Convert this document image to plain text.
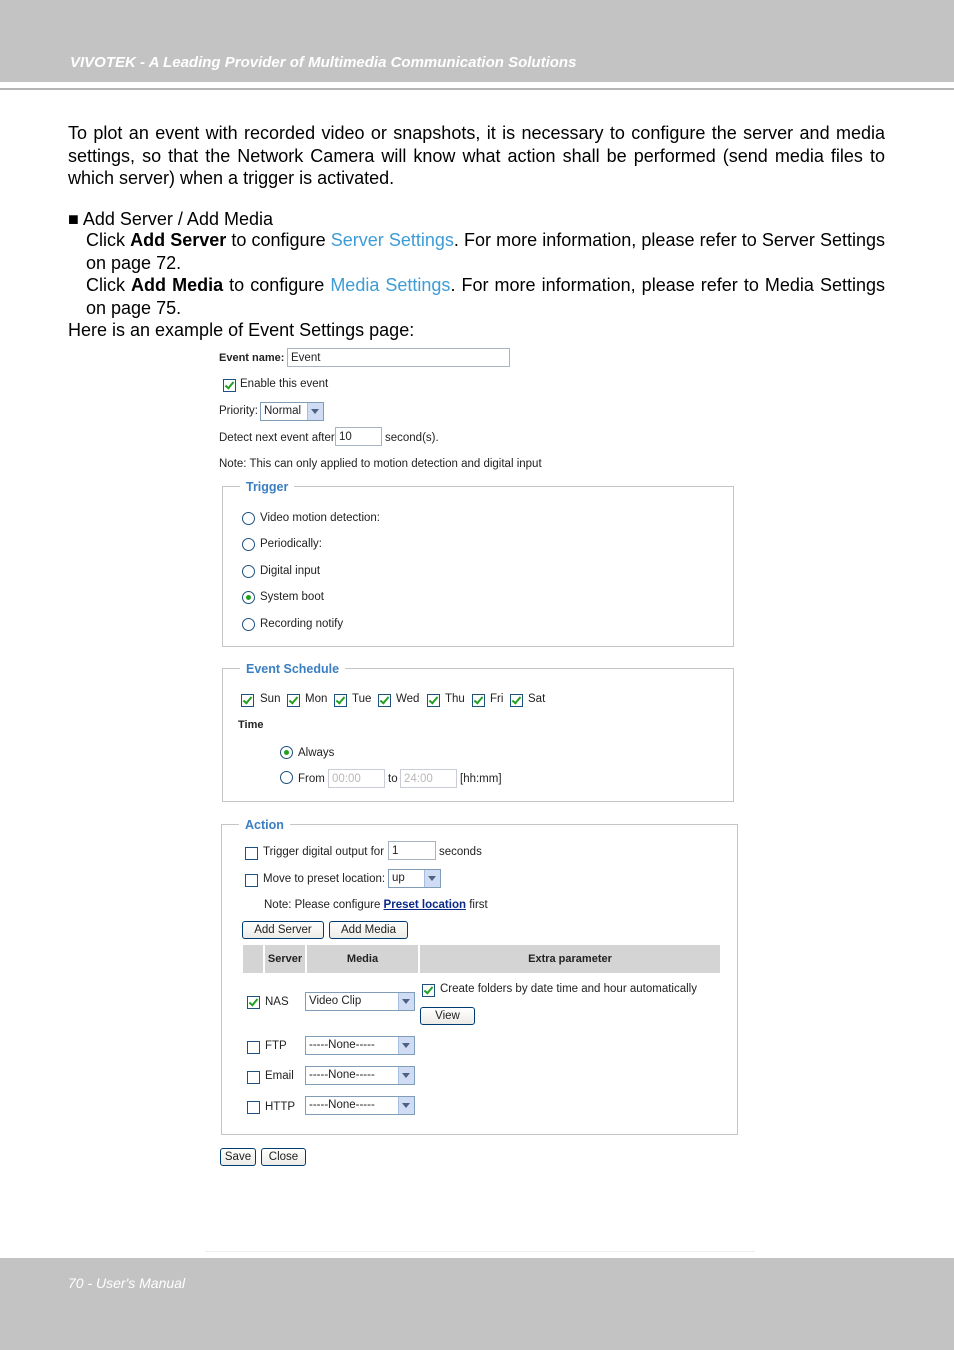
VIVOTEK - A Leading Provider of Multimedia Communication Solutions
To plot an event with recorded video or snapshots, it is necessary to configure the server and media settings, so that the Network Camera will know what action shall be performed (send media files to which server) when a trigger is activated.
■ Add Server / Add Media
Click Add Server to configure Server Settings. For more information, please refer to Server Settings on page 72.
Click Add Media to configure Media Settings. For more information, please refer to Media Settings on page 75.
Here is an example of Event Settings page:
Event name: Event
Enable this event
Priority: Normal
Detect next event after 10	second(s).
Note: This can only applied to motion detection and digital input
Trigger
Video motion detection:
Periodically:
Digital input
System boot
Recording notify
Event Schedule
Sun Mon Tue Wed Thu Fri Sat
Time
Always
From 00:00	to 24:00	[hh:mm]
Action
Trigger digital output for 1	seconds
Move to preset location: up
Note: Please configure Preset location first
Add Server	Add Media
Server	Media	Extra parameter
NAS	Video Clip
Create folders by date time and hour automatically
View
FTP	-----None-----
Email	-----None-----
HTTP	-----None-----
Save	Close
70 - User's Manual
